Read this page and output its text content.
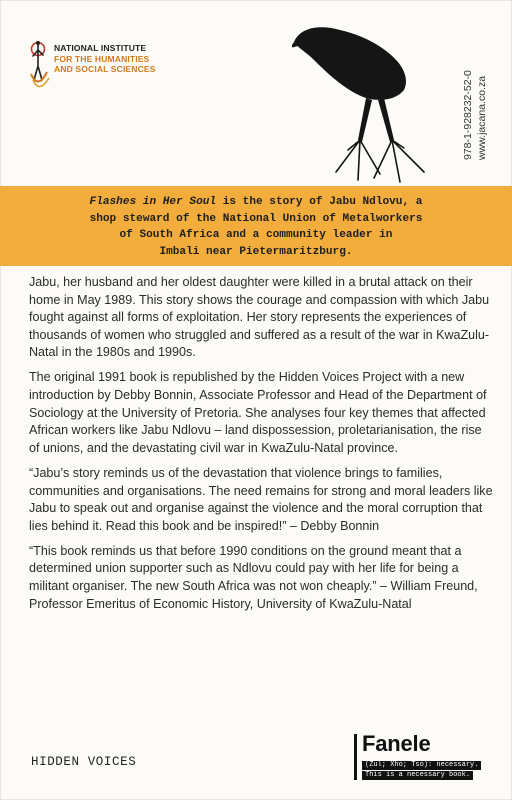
NATIONAL INSTITUTE
FOR THE HUMANITIES
AND SOCIAL SCIENCES
978-1-928232-52-0 www.jacana.co.za
Flashes in Her Soul is the story of Jabu Ndlovu, a
shop steward of the National Union of Metalworkers
of South Africa and a community leader in
Imbali near Pietermaritzburg.

Jabu, her husband and her oldest daughter were killed in a brutal attack on their home in May 1989. This story shows the courage and compassion with which Jabu fought against all forms of exploitation. Her story represents the experiences of thousands of women who struggled and suffered as a result of the war in KwaZulu-Natal in the 1980s and 1990s.

The original 1991 book is republished by the Hidden Voices Project with a new introduction by Debby Bonnin, Associate Professor and Head of the Department of Sociology at the University of Pretoria. She analyses four key themes that affected African workers like Jabu Ndlovu – land dispossession, proletarianisation, the rise of unions, and the devastating civil war in KwaZulu-Natal province.

“Jabu’s story reminds us of the devastation that violence brings to families, communities and organisations. The need remains for strong and moral leaders like Jabu to speak out and organise against the violence and the moral corruption that lies behind it. Read this book and be inspired!” – Debby Bonnin

“This book reminds us that before 1990 conditions on the ground meant that a determined union supporter such as Ndlovu could pay with her life for being a militant organiser. The new South Africa was not won cheaply.” – William Freund, Professor Emeritus of Economic History, University of KwaZulu-Natal

HIDDEN VOICES
Fanele
(Zul; Xho; Tso): necessary.
This is a necessary book.
